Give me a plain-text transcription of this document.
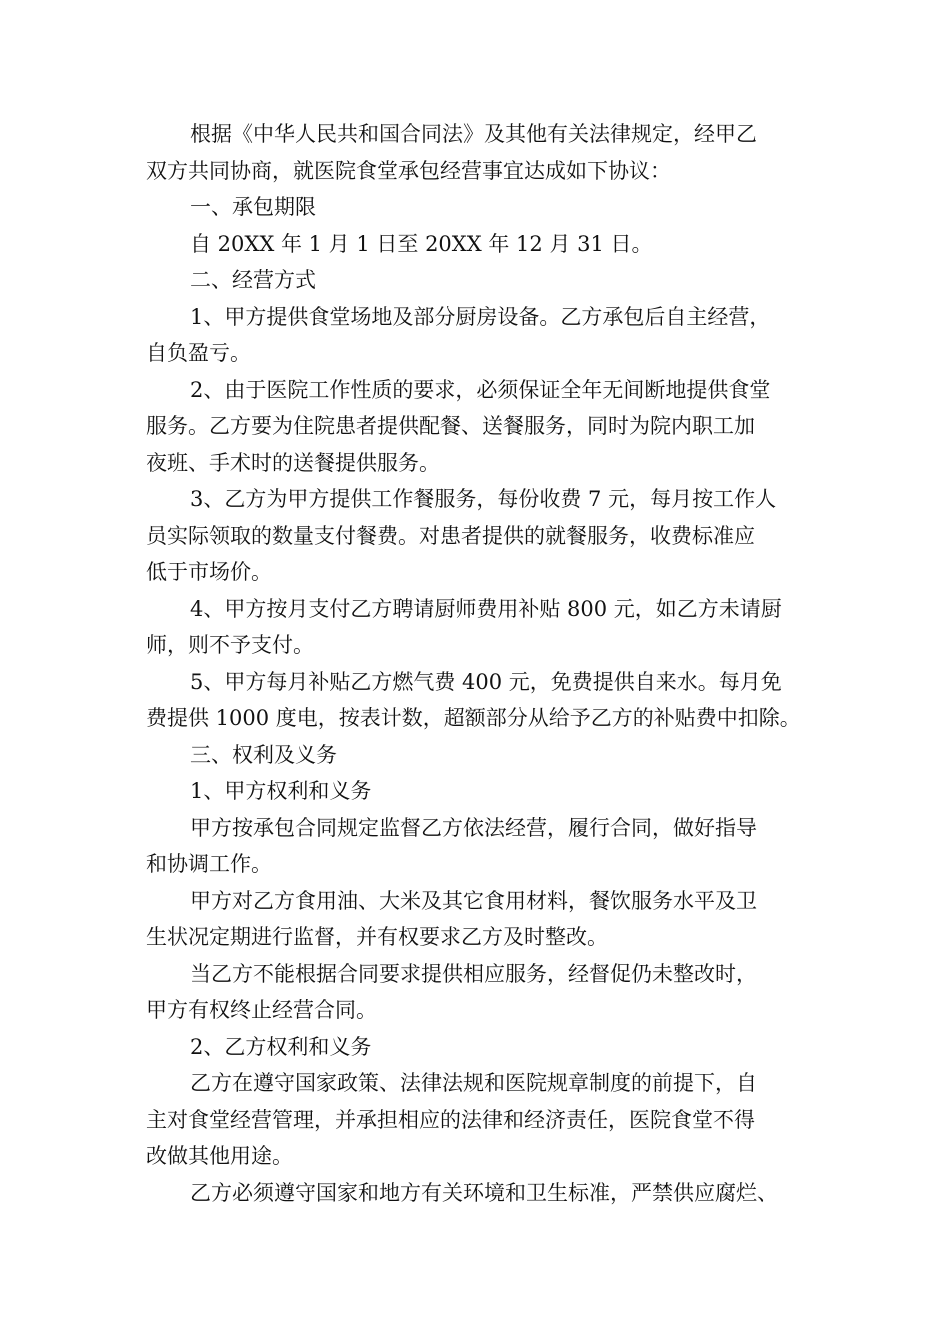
根据《中华人民共和国合同法》及其他有关法律规定，经甲乙

双方共同协商，就医院食堂承包经营事宜达成如下协议：

一、承包期限

自 20XX 年 1 月 1 日至 20XX 年 12 月 31 日。

二、经营方式

1、甲方提供食堂场地及部分厨房设备。乙方承包后自主经营，

自负盈亏。

2、由于医院工作性质的要求，必须保证全年无间断地提供食堂

服务。乙方要为住院患者提供配餐、送餐服务，同时为院内职工加

夜班、手术时的送餐提供服务。

3、乙方为甲方提供工作餐服务，每份收费 7 元，每月按工作人

员实际领取的数量支付餐费。对患者提供的就餐服务，收费标准应

低于市场价。

4、甲方按月支付乙方聘请厨师费用补贴 800 元，如乙方未请厨

师，则不予支付。

5、甲方每月补贴乙方燃气费 400 元，免费提供自来水。每月免

费提供 1000 度电，按表计数，超额部分从给予乙方的补贴费中扣除。

三、权利及义务

1、甲方权利和义务

甲方按承包合同规定监督乙方依法经营，履行合同，做好指导

和协调工作。

甲方对乙方食用油、大米及其它食用材料，餐饮服务水平及卫

生状况定期进行监督，并有权要求乙方及时整改。

当乙方不能根据合同要求提供相应服务，经督促仍未整改时，

甲方有权终止经营合同。

2、乙方权利和义务

乙方在遵守国家政策、法律法规和医院规章制度的前提下，自

主对食堂经营管理，并承担相应的法律和经济责任，医院食堂不得

改做其他用途。

乙方必须遵守国家和地方有关环境和卫生标准，严禁供应腐烂、
